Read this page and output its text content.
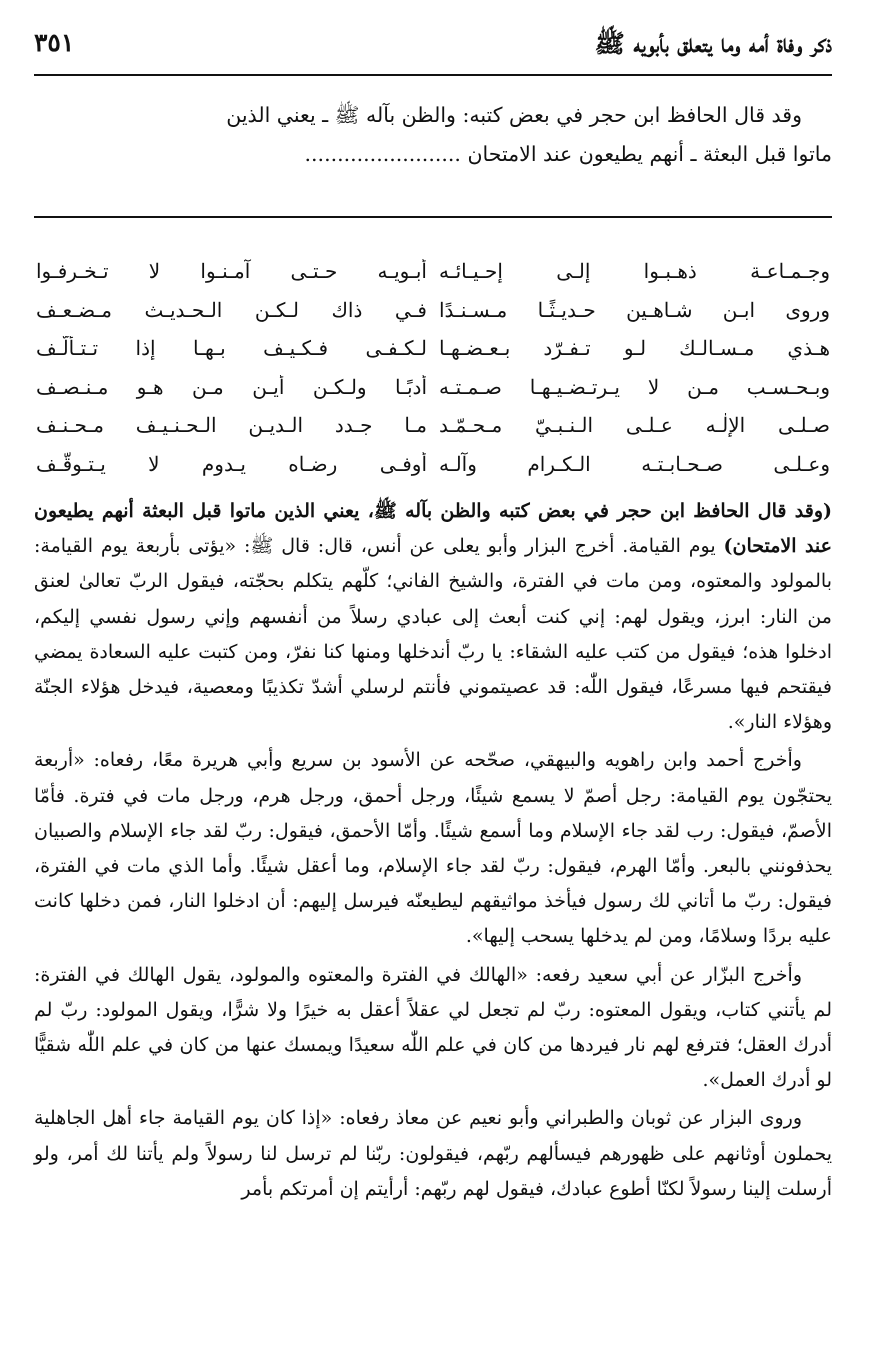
ذكر وفاة أمه وما يتعلق بأبويه ﷺ
٣٥١
وقد قال الحافظ ابن حجر في بعض كتبه: والظن بآله ﷺ ـ يعني الذين
ماتوا قبل البعثة ـ أنهم يطيعون عند الامتحان ........................
وجـمـاعـة ذهـبـوا إلـى إحـيـائـه
أبـويـه حـتـى آمـنـوا لا تـخـرفـوا
وروى ابـن شـاهـين حـديـثًـا مـسـنـدًا
فـي ذاك لـكـن الـحـديـث مـضـعـف
هـذي مـسـالـك لـو تـفـرّد بـعـضـهـا
لـكـفـى فـكـيـف بـهـا إذا تـتـألّـف
وبـحـسـب مـن لا يـرتـضـيـهـا صـمـتـه
أدبًـا ولـكـن أيـن مـن هـو مـنـصـف
صـلـى الإلٰـه عـلـى الـنـبـيّ مـحـمّـد
مـا جـدد الـديـن الـحـنـيـف مـحـنـف
وعـلـى صـحـابـتـه الـكـرام وآلـه
أوفـى رضـاه يـدوم لا يـتـوقّـف

(وقد قال الحافظ ابن حجر في بعض كتبه والظن بآله ﷺ، يعني الذين ماتوا قبل البعثة أنهم يطيعون عند الامتحان) يوم القيامة. أخرج البزار وأبو يعلى عن أنس، قال: قال ﷺ: «يؤتى بأربعة يوم القيامة: بالمولود والمعتوه، ومن مات في الفترة، والشيخ الفاني؛ كلّهم يتكلم بحجّته، فيقول الربّ تعالىٰ لعنق من النار: ابرز، ويقول لهم: إني كنت أبعث إلى عبادي رسلاً من أنفسهم وإني رسول نفسي إليكم، ادخلوا هذه؛ فيقول من كتب عليه الشقاء: يا ربّ أندخلها ومنها كنا نفرّ، ومن كتبت عليه السعادة يمضي فيقتحم فيها مسرعًا، فيقول اللّٰه: قد عصيتموني فأنتم لرسلي أشدّ تكذيبًا ومعصية، فيدخل هؤلاء الجنّة وهؤلاء النار».

وأخرج أحمد وابن راهويه والبيهقي، صحّحه عن الأسود بن سريع وأبي هريرة معًا، رفعاه: «أربعة يحتجّون يوم القيامة: رجل أصمّ لا يسمع شيئًا، ورجل أحمق، ورجل هرم، ورجل مات في فترة. فأمّا الأصمّ، فيقول: رب لقد جاء الإسلام وما أسمع شيئًا. وأمّا الأحمق، فيقول: ربّ لقد جاء الإسلام والصبيان يحذفونني بالبعر. وأمّا الهرم، فيقول: ربّ لقد جاء الإسلام، وما أعقل شيئًا. وأما الذي مات في الفترة، فيقول: ربّ ما أتاني لك رسول فيأخذ مواثيقهم ليطيعنّه فيرسل إليهم: أن ادخلوا النار، فمن دخلها كانت عليه بردًا وسلامًا، ومن لم يدخلها يسحب إليها».

وأخرج البزّار عن أبي سعيد رفعه: «الهالك في الفترة والمعتوه والمولود، يقول الهالك في الفترة: لم يأتني كتاب، ويقول المعتوه: ربّ لم تجعل لي عقلاً أعقل به خيرًا ولا شرًّا، ويقول المولود: ربّ لم أدرك العقل؛ فترفع لهم نار فيردها من كان في علم اللّٰه سعيدًا ويمسك عنها من كان في علم اللّٰه شقيًّا لو أدرك العمل».

وروى البزار عن ثوبان والطبراني وأبو نعيم عن معاذ رفعاه: «إذا كان يوم القيامة جاء أهل الجاهلية يحملون أوثانهم على ظهورهم فيسألهم ربّهم، فيقولون: ربّنا لم ترسل لنا رسولاً ولم يأتنا لك أمر، ولو أرسلت إلينا رسولاً لكنّا أطوع عبادك، فيقول لهم ربّهم: أرأيتم إن أمرتكم بأمر
